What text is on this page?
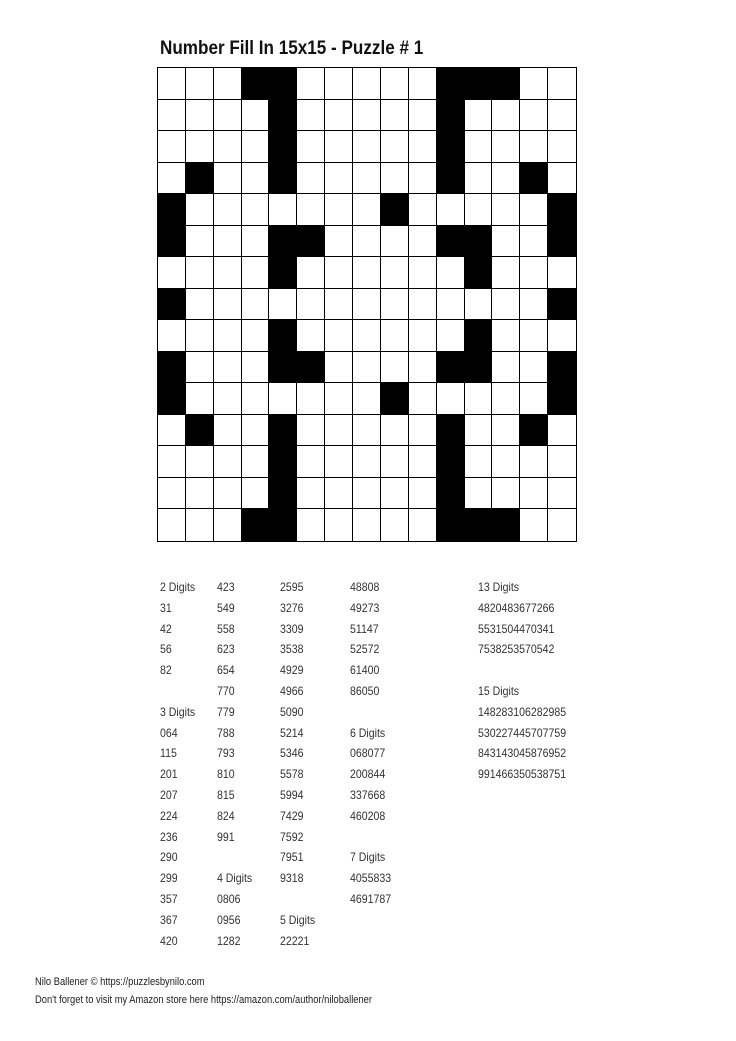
Number Fill In 15x15 - Puzzle # 1
2 Digits
31
42
56
82
3 Digits
064
115
201
207
224
236
290
299
357
367
420
423
549
558
623
654
770
779
788
793
810
815
824
991
4 Digits
0806
0956
1282
2595
3276
3309
3538
4929
4966
5090
5214
5346
5578
5994
7429
7592
7951
9318
5 Digits
22221
48808
49273
51147
52572
61400
86050
6 Digits
068077
200844
337668
460208
7 Digits
4055833
4691787
13 Digits
4820483677266
5531504470341
7538253570542
15 Digits
148283106282985
530227445707759
843143045876952
991466350538751
Nilo Ballener © https://puzzlesbynilo.com
Don't forget to visit my Amazon store here https://amazon.com/author/niloballener
